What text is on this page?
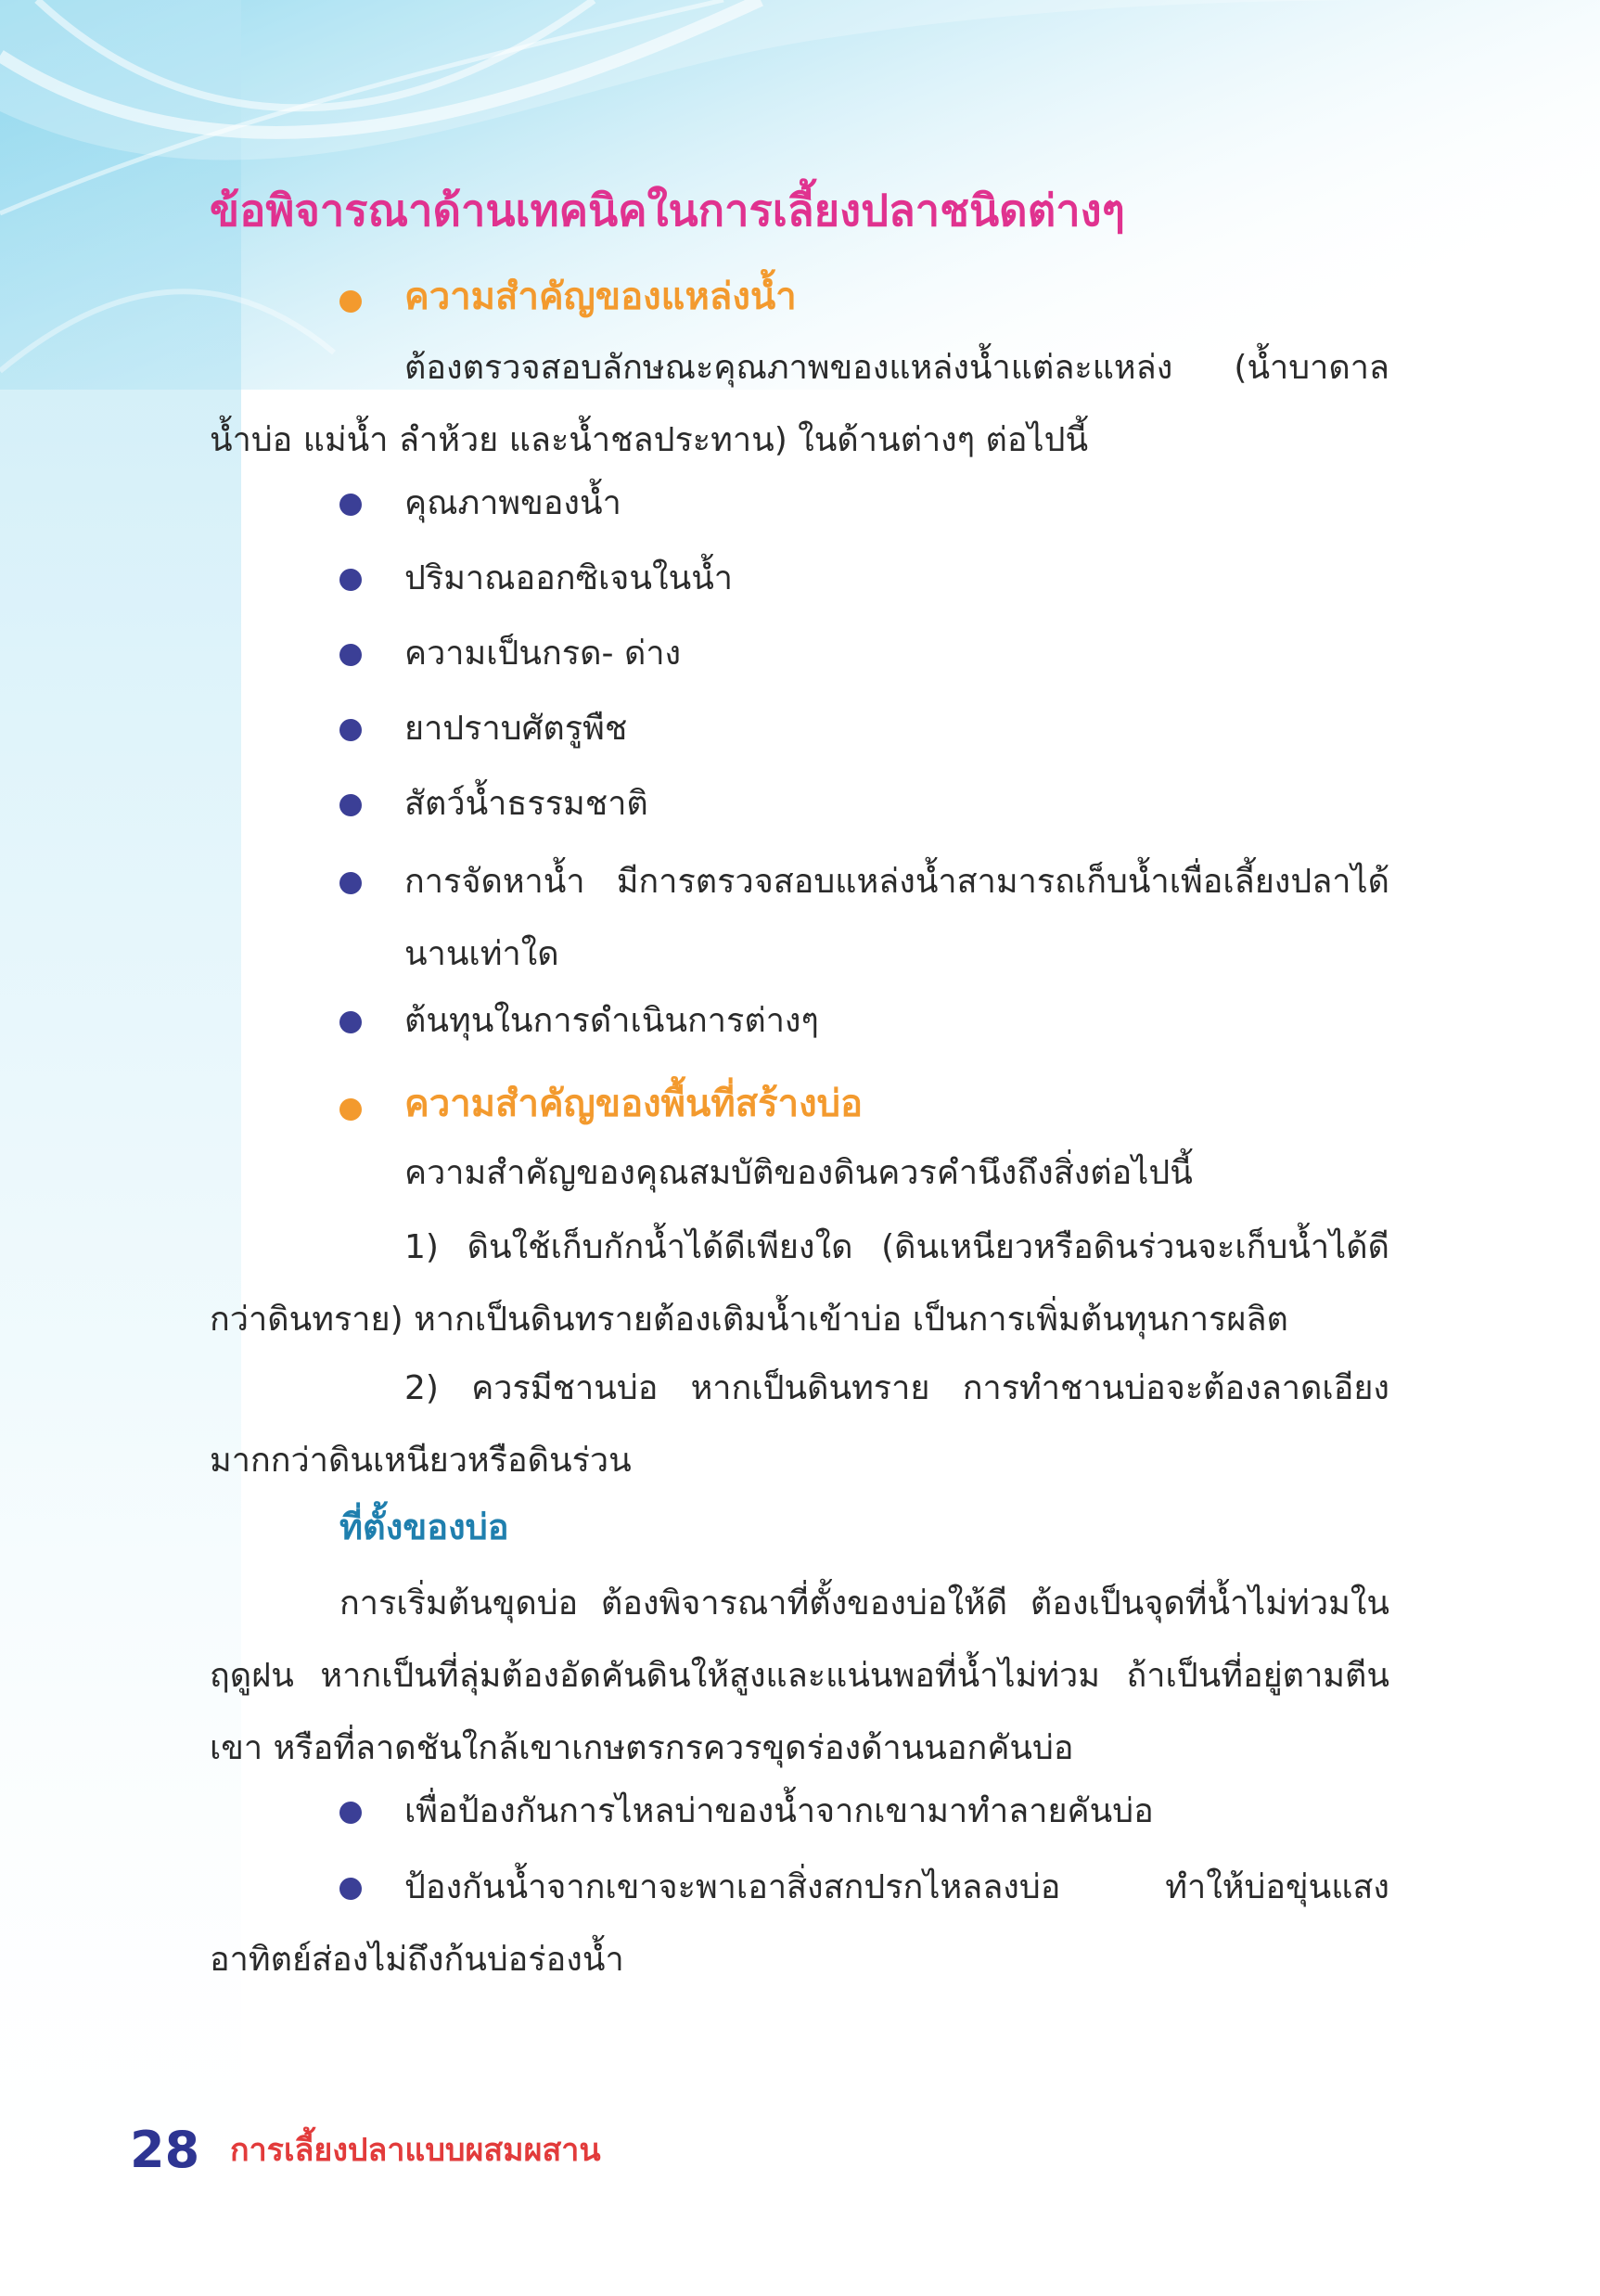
ข้อพิจารณาด้านเทคนิคในการเลี้ยงปลาชนิดต่างๆ
ความสำคัญของแหล่งน้ำ

ต้องตรวจสอบลักษณะคุณภาพของแหล่งน้ำแต่ละแหล่ง (น้ำบาดาล น้ำบ่อ แม่น้ำ ลำห้วย และน้ำชลประทาน) ในด้านต่างๆ ต่อไปนี้

คุณภาพของน้ำ

ปริมาณออกซิเจนในน้ำ

ความเป็นกรด- ด่าง

ยาปราบศัตรูพืช

สัตว์น้ำธรรมชาติ

การจัดหาน้ำ มีการตรวจสอบแหล่งน้ำสามารถเก็บน้ำเพื่อเลี้ยงปลาได้นานเท่าใด

ต้นทุนในการดำเนินการต่างๆ

ความสำคัญของพื้นที่สร้างบ่อ

ความสำคัญของคุณสมบัติของดินควรคำนึงถึงสิ่งต่อไปนี้

1) ดินใช้เก็บกักน้ำได้ดีเพียงใด (ดินเหนียวหรือดินร่วนจะเก็บน้ำได้ดีกว่าดินทราย) หากเป็นดินทรายต้องเติมน้ำเข้าบ่อ เป็นการเพิ่มต้นทุนการผลิต

2) ควรมีชานบ่อ หากเป็นดินทราย การทำชานบ่อจะต้องลาดเอียงมากกว่าดินเหนียวหรือดินร่วน

ที่ตั้งของบ่อ

การเริ่มต้นขุดบ่อ ต้องพิจารณาที่ตั้งของบ่อให้ดี ต้องเป็นจุดที่น้ำไม่ท่วมในฤดูฝน หากเป็นที่ลุ่มต้องอัดคันดินให้สูงและแน่นพอที่น้ำไม่ท่วม ถ้าเป็นที่อยู่ตามตีนเขา หรือที่ลาดชันใกล้เขาเกษตรกรควรขุดร่องด้านนอกคันบ่อ

เพื่อป้องกันการไหลบ่าของน้ำจากเขามาทำลายคันบ่อ

ป้องกันน้ำจากเขาจะพาเอาสิ่งสกปรกไหลลงบ่อ ทำให้บ่อขุ่นแสงอาทิตย์ส่องไม่ถึงก้นบ่อร่องน้ำ

28 การเลี้ยงปลาแบบผสมผสาน
